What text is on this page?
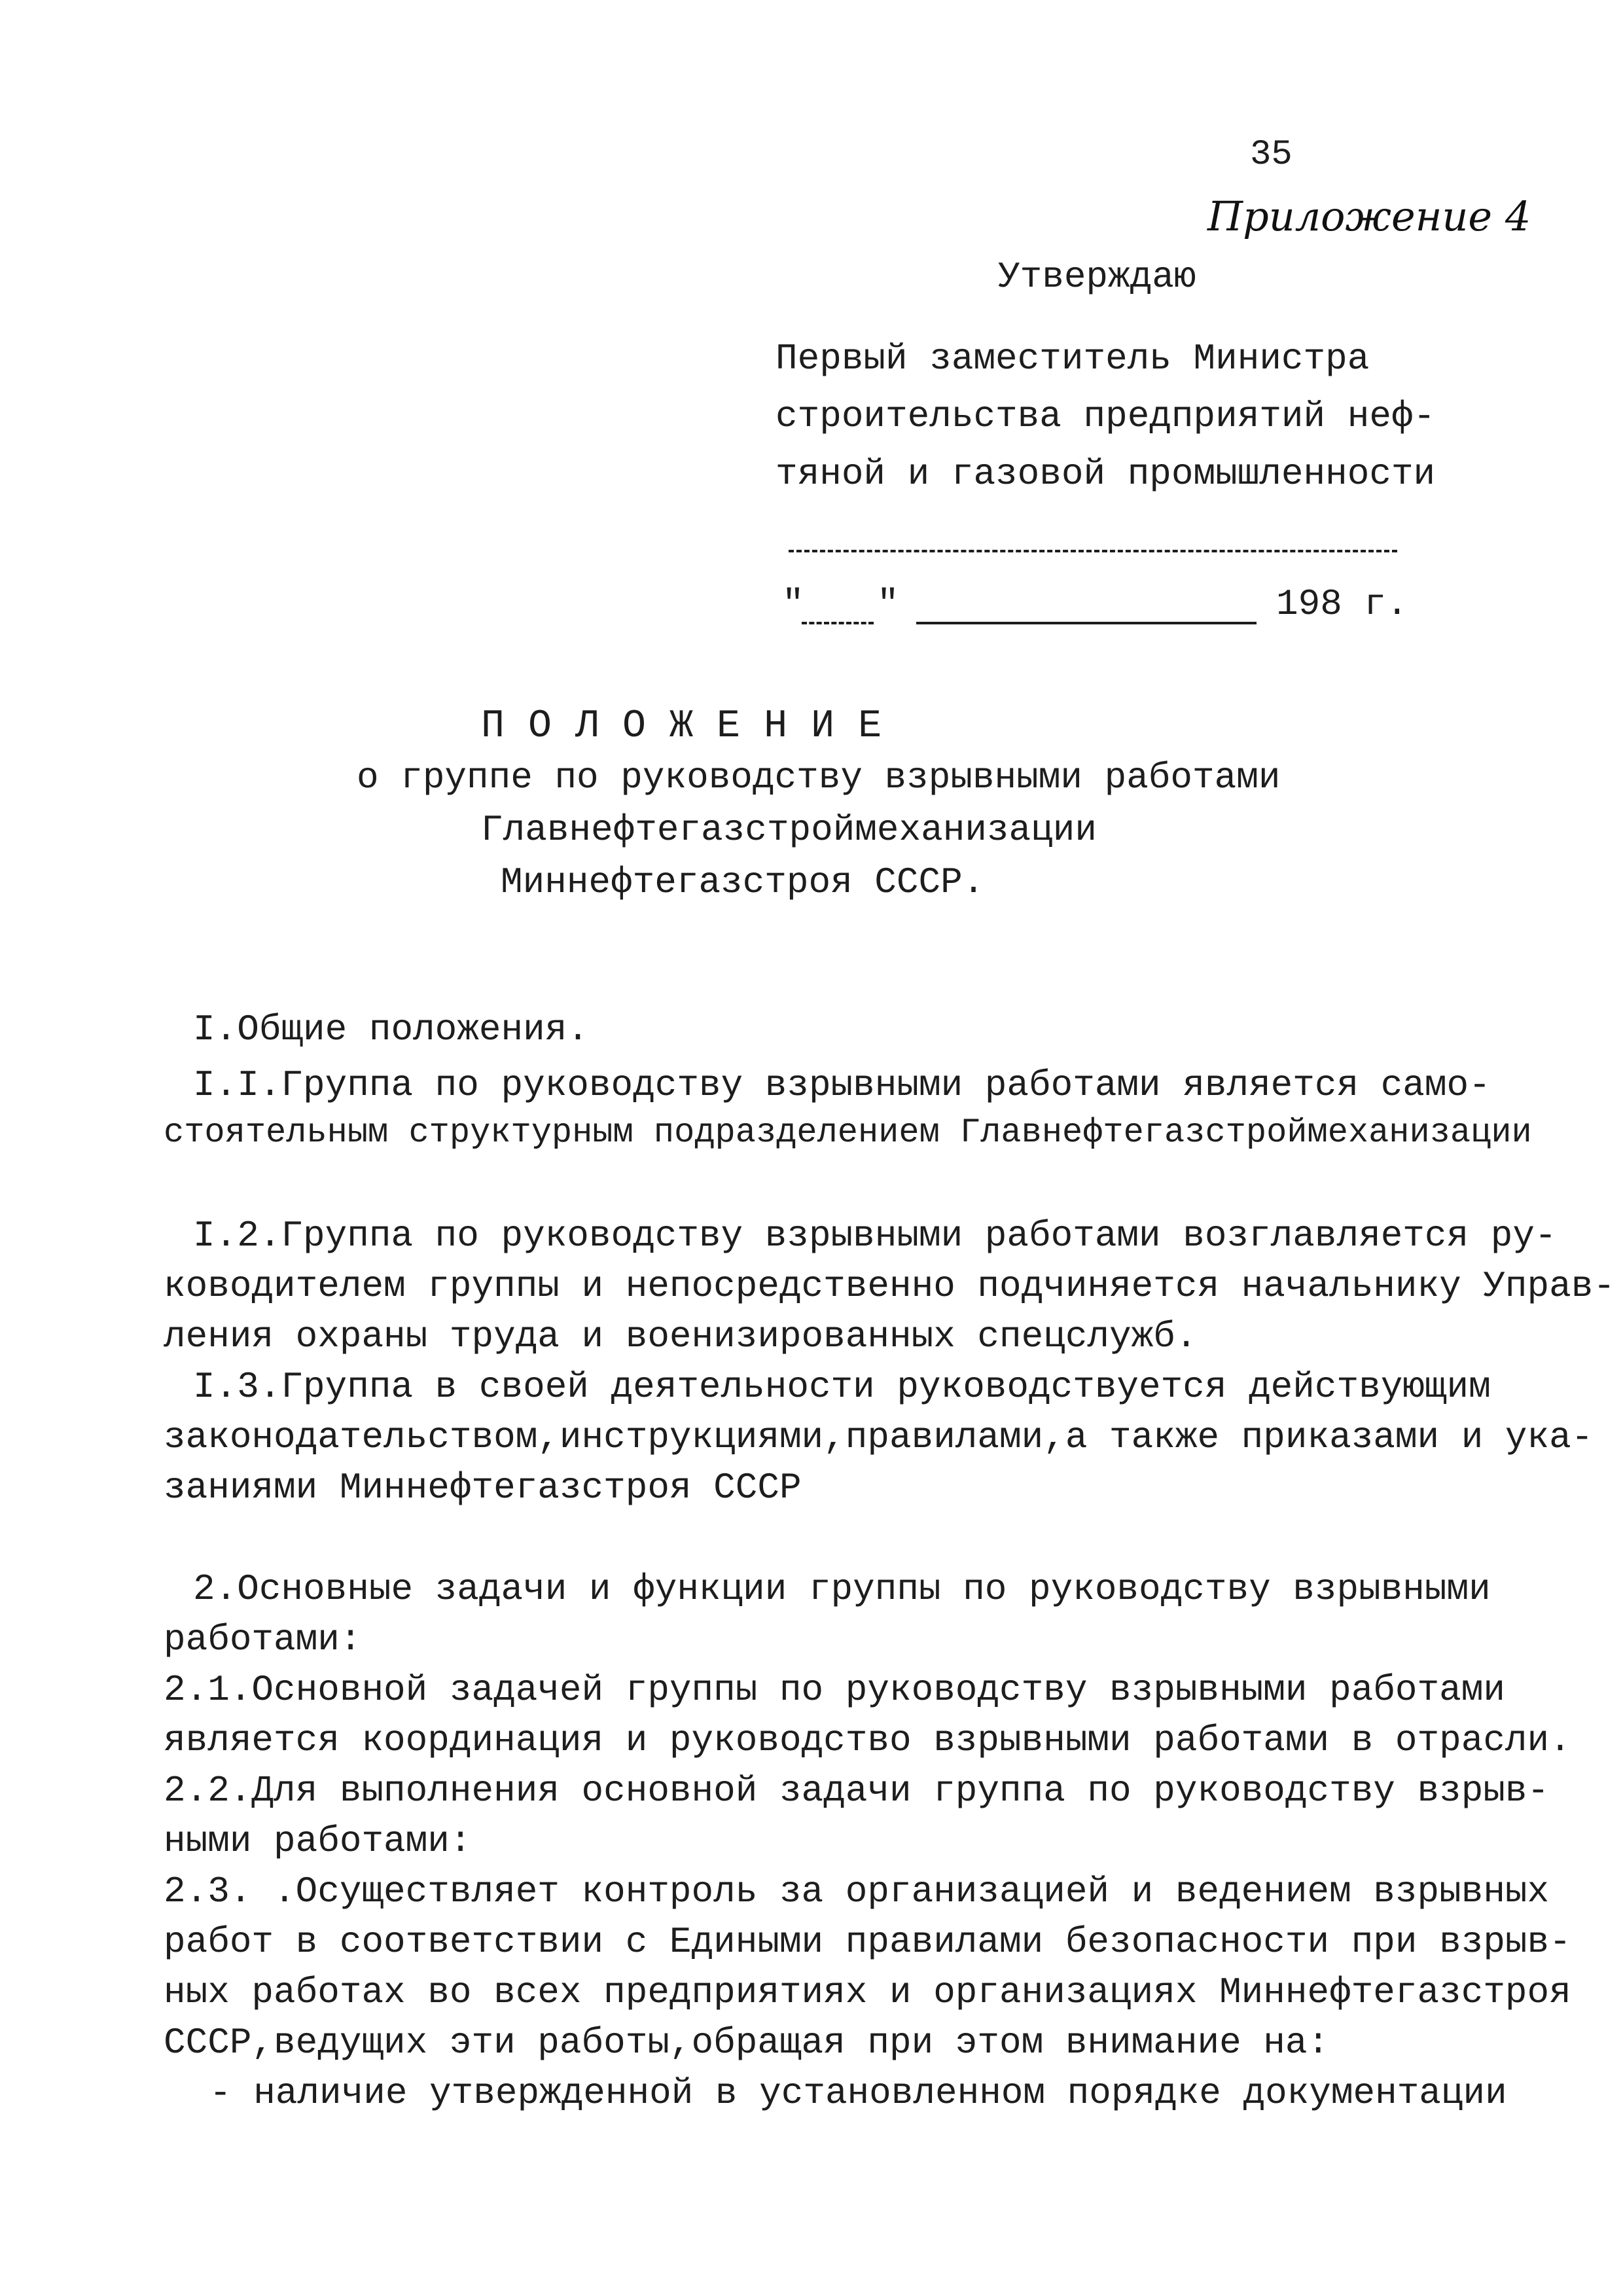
35
Приложение 4
Утверждаю
Первый заместитель Министра
строительства предприятий неф-
тяной и газовой промышленности
" "	198 г.
П О Л О Ж Е Н И Е
о группе по руководству взрывными работами
Главнефтегазстроймеханизации
Миннефтегазстроя СССР.
I.Общие положения.
I.I.Группа по руководству взрывными работами является само-
стоятельным структурным подразделением Главнефтегазстроймеханизации
I.2.Группа по руководству взрывными работами возглавляется ру-
ководителем группы и непосредственно подчиняется начальнику Управ-
ления охраны труда и военизированных спецслужб.
I.3.Группа в своей деятельности руководствуется действующим
законодательством,инструкциями,правилами,а также приказами и ука-
заниями Миннефтегазстроя СССР
2.Основные задачи и функции группы по руководству взрывными
работами:
2.1.Основной задачей группы по руководству взрывными работами
является координация и руководство взрывными работами в отрасли.
2.2.Для выполнения основной задачи группа по руководству взрыв-
ными работами:
2.3. .Осуществляет контроль за организацией и ведением взрывных
работ в соответствии с Едиными правилами безопасности при взрыв-
ных работах во всех предприятиях и организациях Миннефтегазстроя
СССР,ведущих эти работы,обращая при этом внимание на:
- наличие утвержденной в установленном порядке документации
